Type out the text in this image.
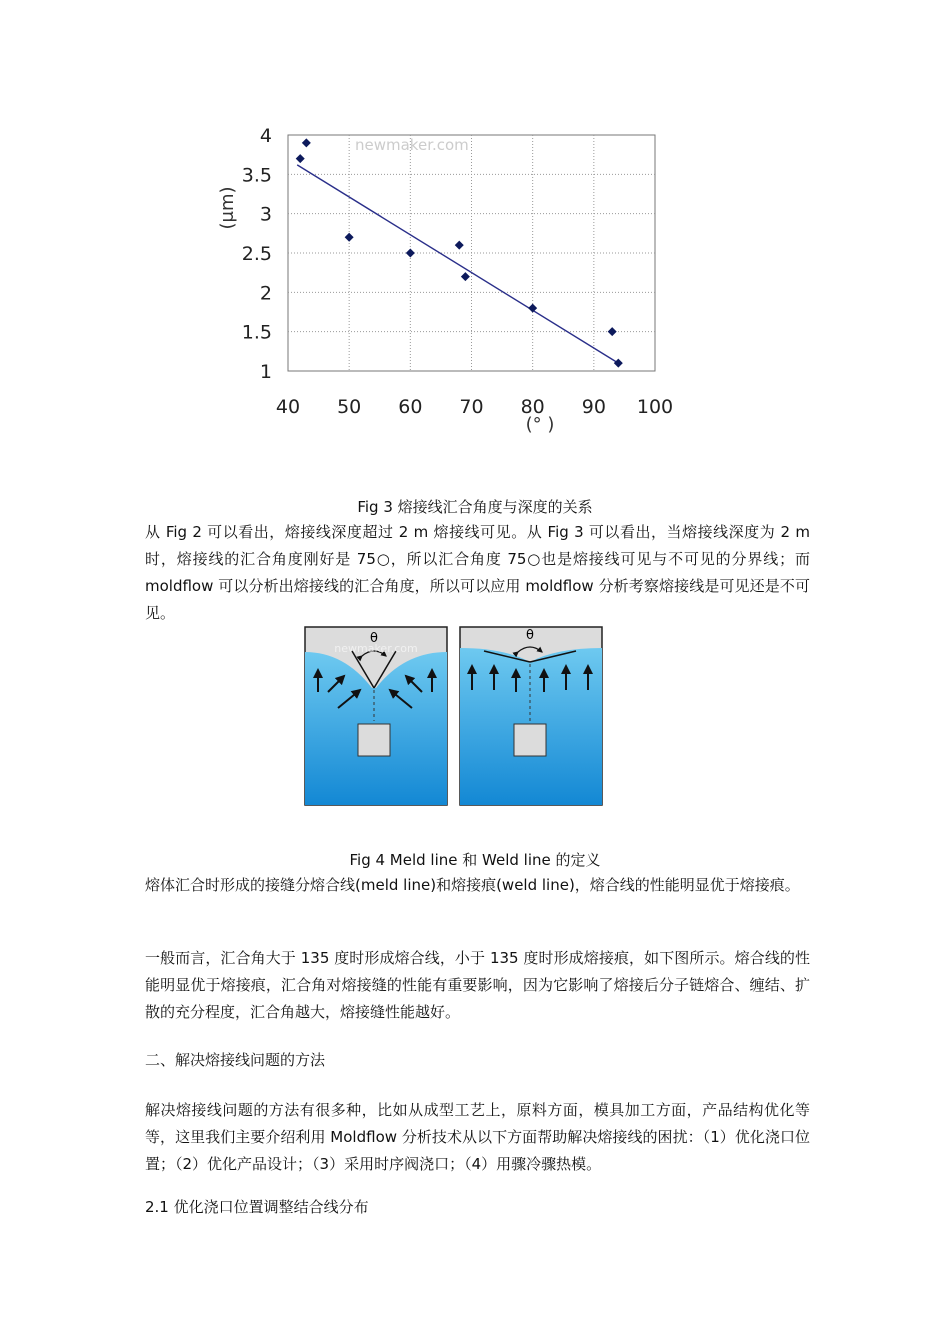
newmaker.com
1
1.5
2
2.5
3
3.5
4
40 50 60 70 80 90 100
(μm)
(° )
Fig 3 熔接线汇合角度与深度的关系
从 Fig 2 可以看出，熔接线深度超过 2 m 熔接线可见。从 Fig 3 可以看出，当熔接线深度为 2 m时，熔接线的汇合角度刚好是 75○，所以汇合角度 75○也是熔接线可见与不可见的分界线；而 moldflow 可以分析出熔接线的汇合角度，所以可以应用 moldflow 分析考察熔接线是可见还是不可见。
θ
newmaker.com
θ
Fig 4 Meld line 和 Weld line 的定义
熔体汇合时形成的接缝分熔合线(meld line)和熔接痕(weld line)，熔合线的性能明显优于熔接痕。
一般而言，汇合角大于 135 度时形成熔合线，小于 135 度时形成熔接痕，如下图所示。熔合线的性能明显优于熔接痕，汇合角对熔接缝的性能有重要影响，因为它影响了熔接后分子链熔合、缠结、扩散的充分程度，汇合角越大，熔接缝性能越好。
二、解决熔接线问题的方法
解决熔接线问题的方法有很多种，比如从成型工艺上，原料方面，模具加工方面，产品结构优化等等，这里我们主要介绍利用 Moldflow 分析技术从以下方面帮助解决熔接线的困扰：（1）优化浇口位置；（2）优化产品设计；（3）采用时序阀浇口；（4）用骤冷骤热模。
2.1 优化浇口位置调整结合线分布
